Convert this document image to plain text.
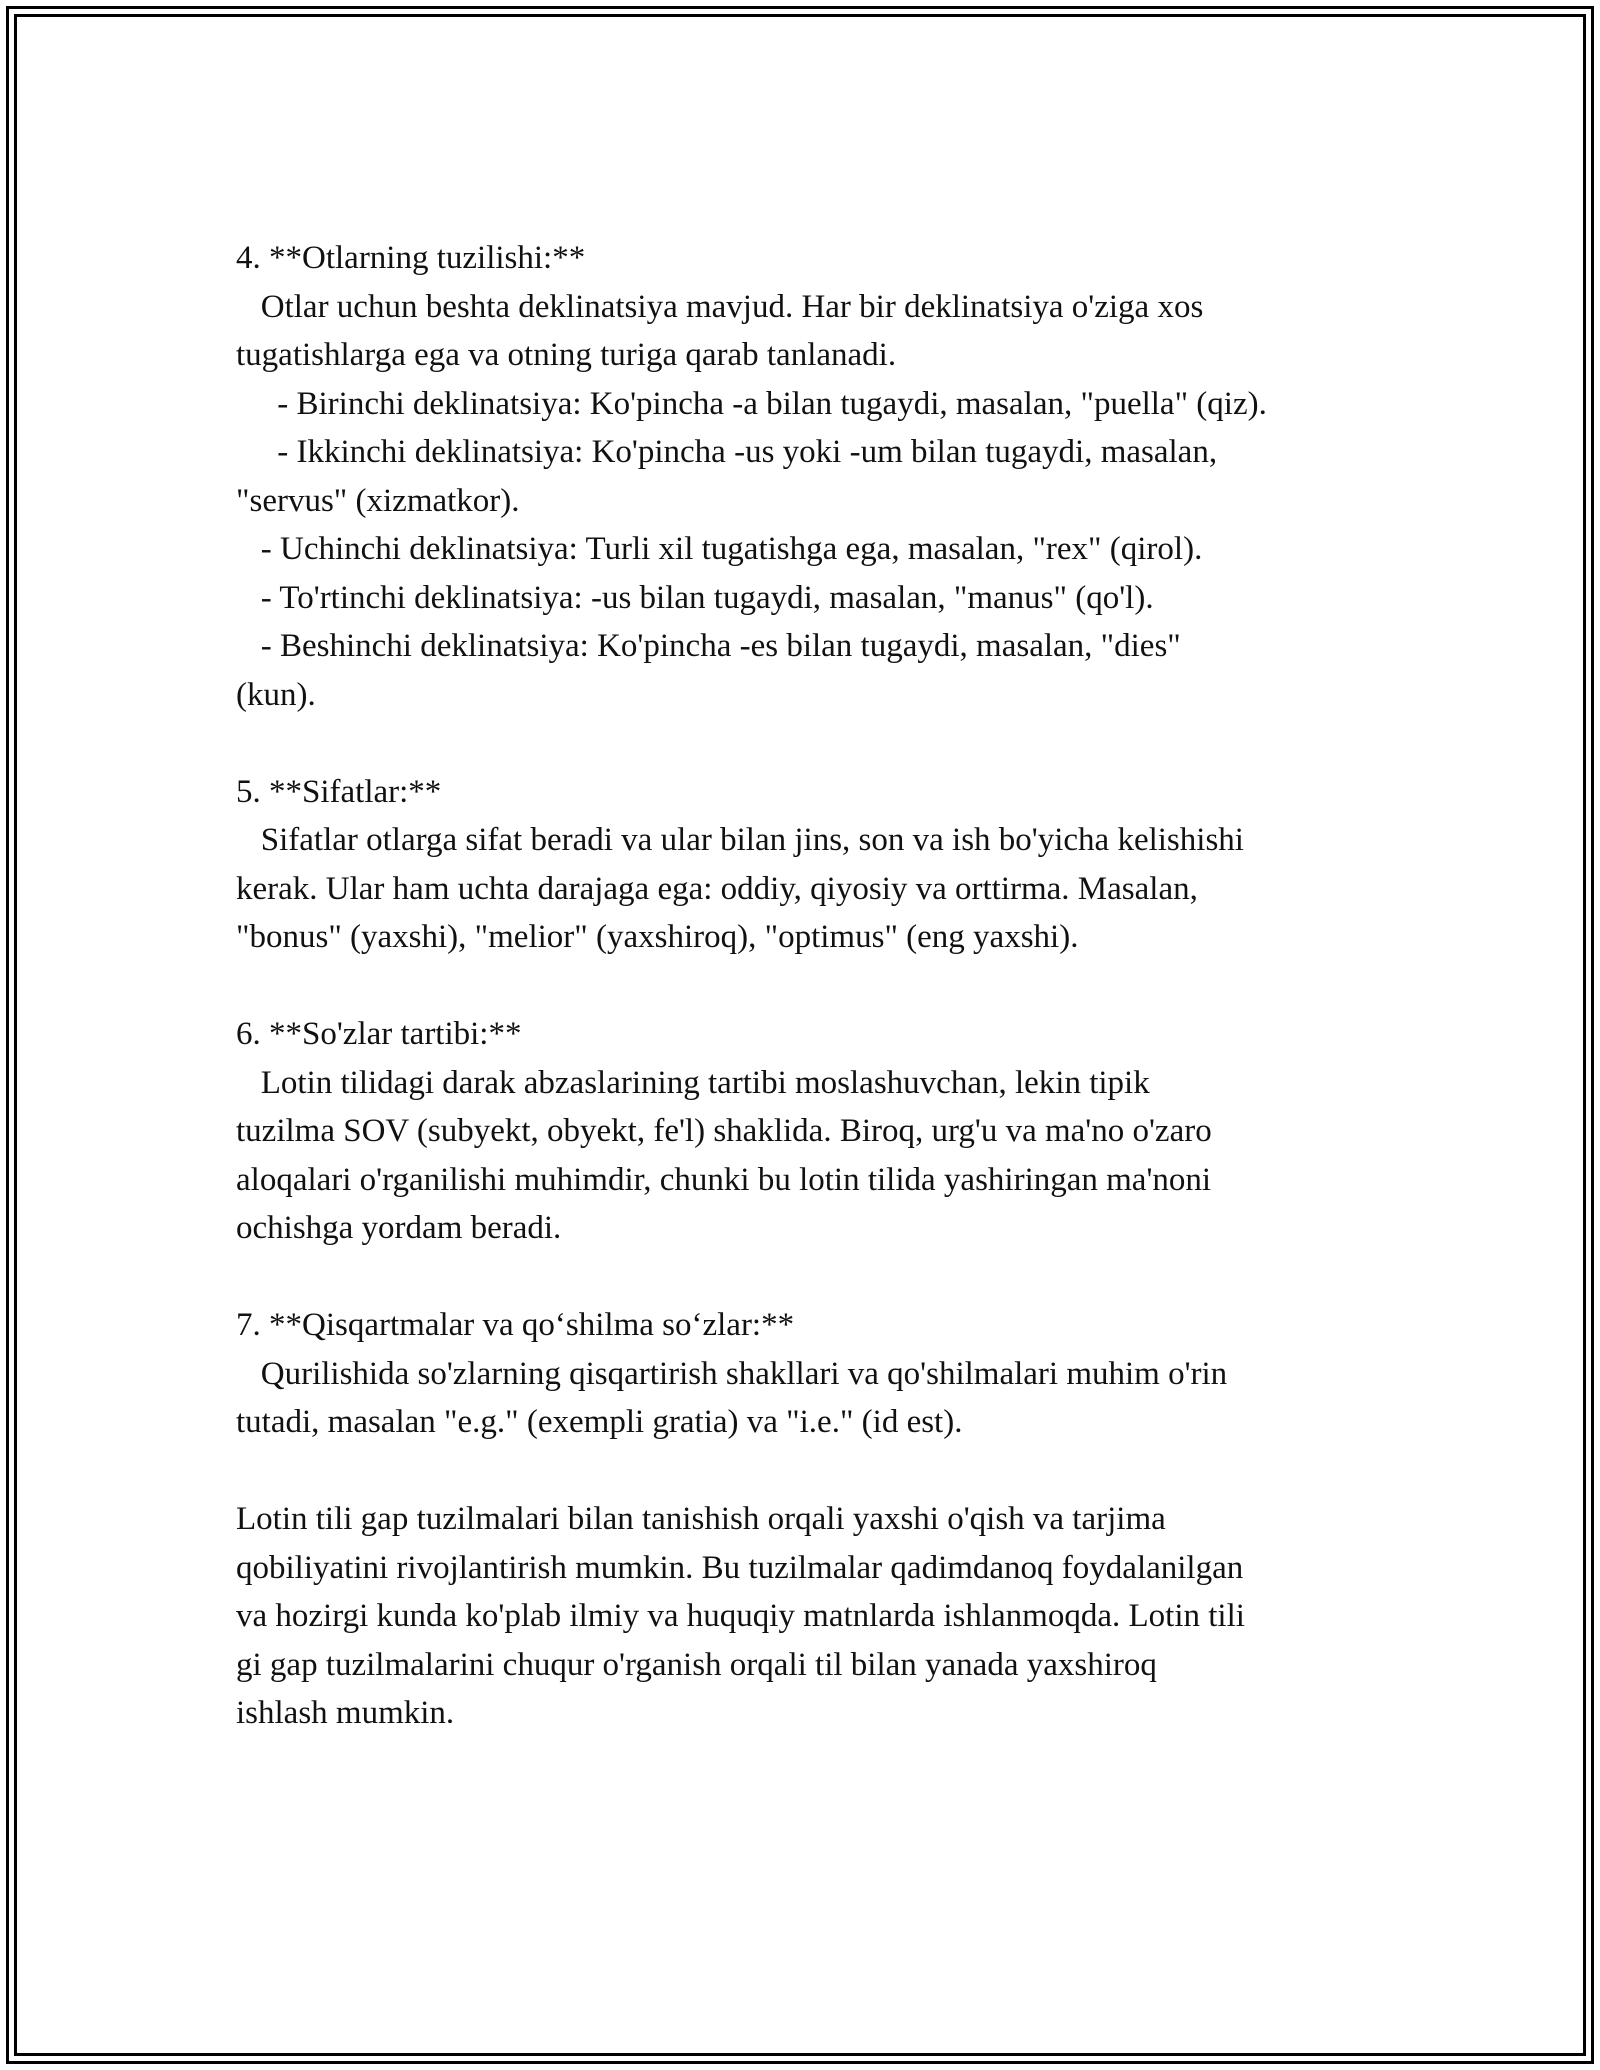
4. **Otlarning tuzilishi:**
Otlar uchun beshta deklinatsiya mavjud. Har bir deklinatsiya o'ziga xos
tugatishlarga ega va otning turiga qarab tanlanadi.
- Birinchi deklinatsiya: Ko'pincha -a bilan tugaydi, masalan, "puella" (qiz).
- Ikkinchi deklinatsiya: Ko'pincha -us yoki -um bilan tugaydi, masalan,
"servus" (xizmatkor).
- Uchinchi deklinatsiya: Turli xil tugatishga ega, masalan, "rex" (qirol).
- To'rtinchi deklinatsiya: -us bilan tugaydi, masalan, "manus" (qo'l).
- Beshinchi deklinatsiya: Ko'pincha -es bilan tugaydi, masalan, "dies"
(kun).
5. **Sifatlar:**
Sifatlar otlarga sifat beradi va ular bilan jins, son va ish bo'yicha kelishishi
kerak. Ular ham uchta darajaga ega: oddiy, qiyosiy va orttirma. Masalan,
"bonus" (yaxshi), "melior" (yaxshiroq), "optimus" (eng yaxshi).
6. **So'zlar tartibi:**
Lotin tilidagi darak abzaslarining tartibi moslashuvchan, lekin tipik
tuzilma SOV (subyekt, obyekt, fe'l) shaklida. Biroq, urg'u va ma'no o'zaro
aloqalari o'rganilishi muhimdir, chunki bu lotin tilida yashiringan ma'noni
ochishga yordam beradi.
7. **Qisqartmalar va qo‘shilma so‘zlar:**
Qurilishida so'zlarning qisqartirish shakllari va qo'shilmalari muhim o'rin
tutadi, masalan "e.g." (exempli gratia) va "i.e." (id est).
Lotin tili gap tuzilmalari bilan tanishish orqali yaxshi o'qish va tarjima
qobiliyatini rivojlantirish mumkin. Bu tuzilmalar qadimdanoq foydalanilgan
va hozirgi kunda ko'plab ilmiy va huquqiy matnlarda ishlanmoqda. Lotin tili
gi gap tuzilmalarini chuqur o'rganish orqali til bilan yanada yaxshiroq
ishlash mumkin.
